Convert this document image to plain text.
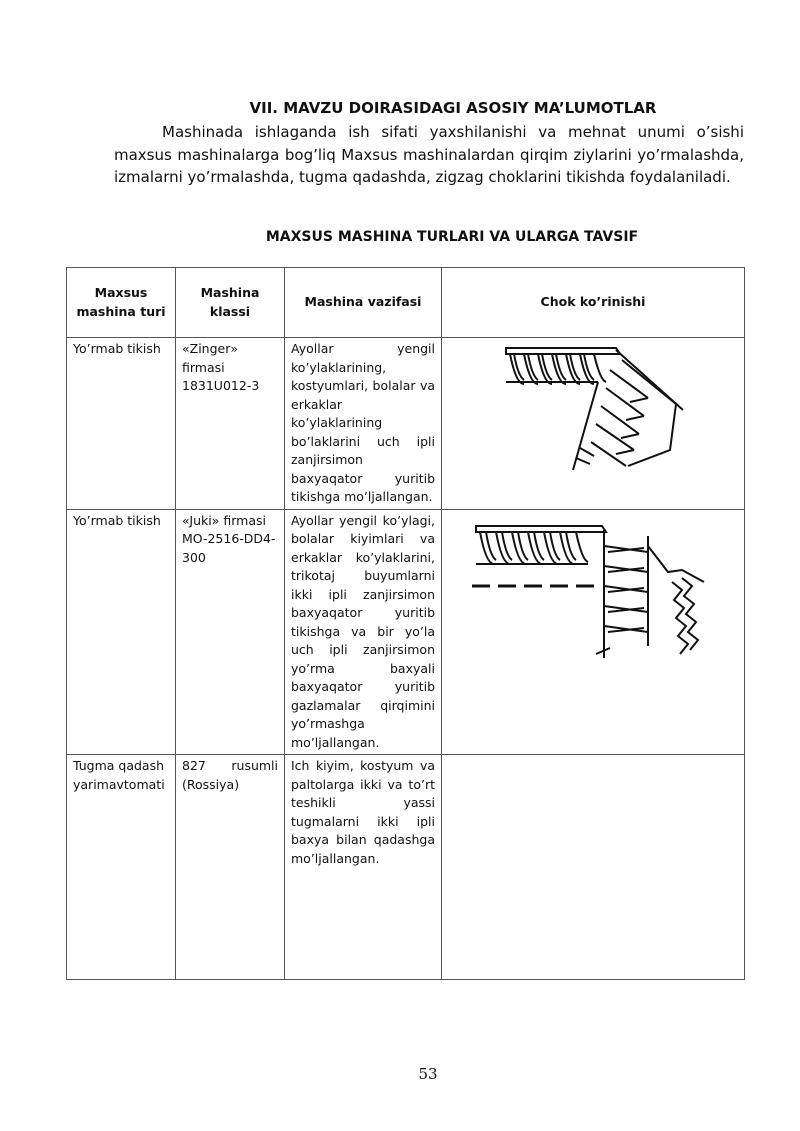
VII. MAVZU DOIRASIDAGI ASOSIY MA’LUMOTLAR
Mashinada ishlaganda ish sifati yaxshilanishi va mehnat unumi o’sishi maxsus mashinalarga bog’liq Maxsus mashinalardan qirqim ziylarini yo’rmalashda, izmalarni yo’rmalashda, tugma qadashda, zigzag choklarini tikishda foydalaniladi.
MAXSUS MASHINA TURLARI VA ULARGA TAVSIF
Maxsus mashina turi	Mashina klassi	Mashina vazifasi	Chok ko’rinishi
Yo’rmab tikish	«Zinger» firmasi 1831U012-3	Ayollar yengil ko’ylaklarining, kostyumlari, bolalar va erkaklar ko’ylaklarining bo’laklarini uch ipli zanjirsimon baxyaqator yuritib tikishga mo’ljallangan.	

Yo’rmab tikish	«Juki» firmasi MO-2516-DD4-300	Ayollar yengil ko’ylagi, bolalar kiyimlari va erkaklar ko’ylaklarini, trikotaj buyumlarni ikki ipli zanjirsimon baxyaqator yuritib tikishga va bir yo’la uch ipli zanjirsimon yo’rma baxyali baxyaqator yuritib gazlamalar qirqimini yo’rmashga mo’ljallangan.	

Tugma qadash yarimavtomati	827 rusumli (Rossiya)	Ich kiyim, kostyum va paltolarga ikki va to’rt teshikli yassi tugmalarni ikki ipli baxya bilan qadashga mo’ljallangan.	
53
